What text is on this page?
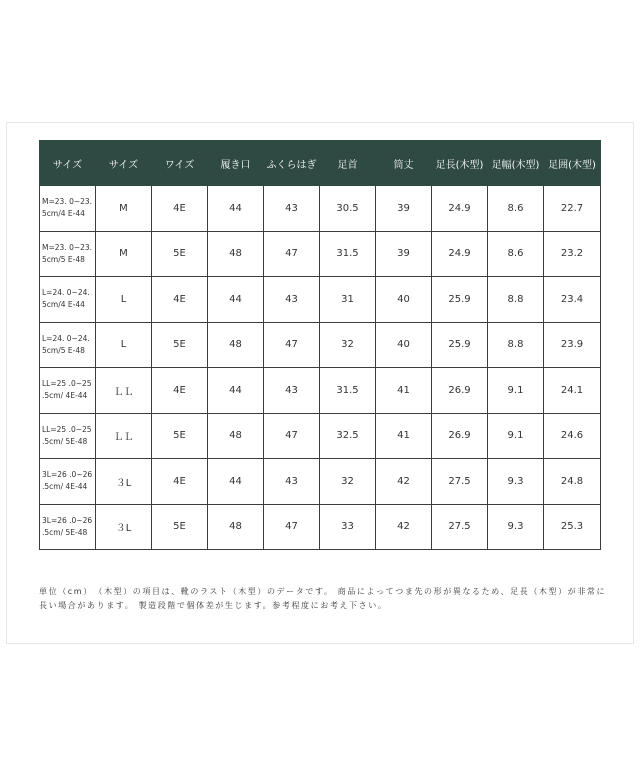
サイズ	サイズ	ワイズ	履き口	ふくらはぎ	足首	筒丈	足長(木型)	足幅(木型)	足囲(木型)
M=23. 0~23. 5cm/4 E-44	M	4E	44	43	30.5	39	24.9	8.6	22.7
M=23. 0~23. 5cm/5 E-48	M	5E	48	47	31.5	39	24.9	8.6	23.2
L=24. 0~24. 5cm/4 E-44	L	4E	44	43	31	40	25.9	8.8	23.4
L=24. 0~24. 5cm/5 E-48	L	5E	48	47	32	40	25.9	8.8	23.9
LL=25 .0~25 .5cm/ 4E-44	ＬＬ	4E	44	43	31.5	41	26.9	9.1	24.1
LL=25 .0~25 .5cm/ 5E-48	ＬＬ	5E	48	47	32.5	41	26.9	9.1	24.6
3L=26 .0~26 .5cm/ 4E-44	３L	4E	44	43	32	42	27.5	9.3	24.8
3L=26 .0~26 .5cm/ 5E-48	３L	5E	48	47	33	42	27.5	9.3	25.3
単位（cm）　（木型）の項目は、靴のラスト（木型）のデータです。 商品によってつま先の形が異なるため、足長（木型）が非常に長い場合があります。 製造段階で個体差が生じます。参考程度にお考え下さい。
